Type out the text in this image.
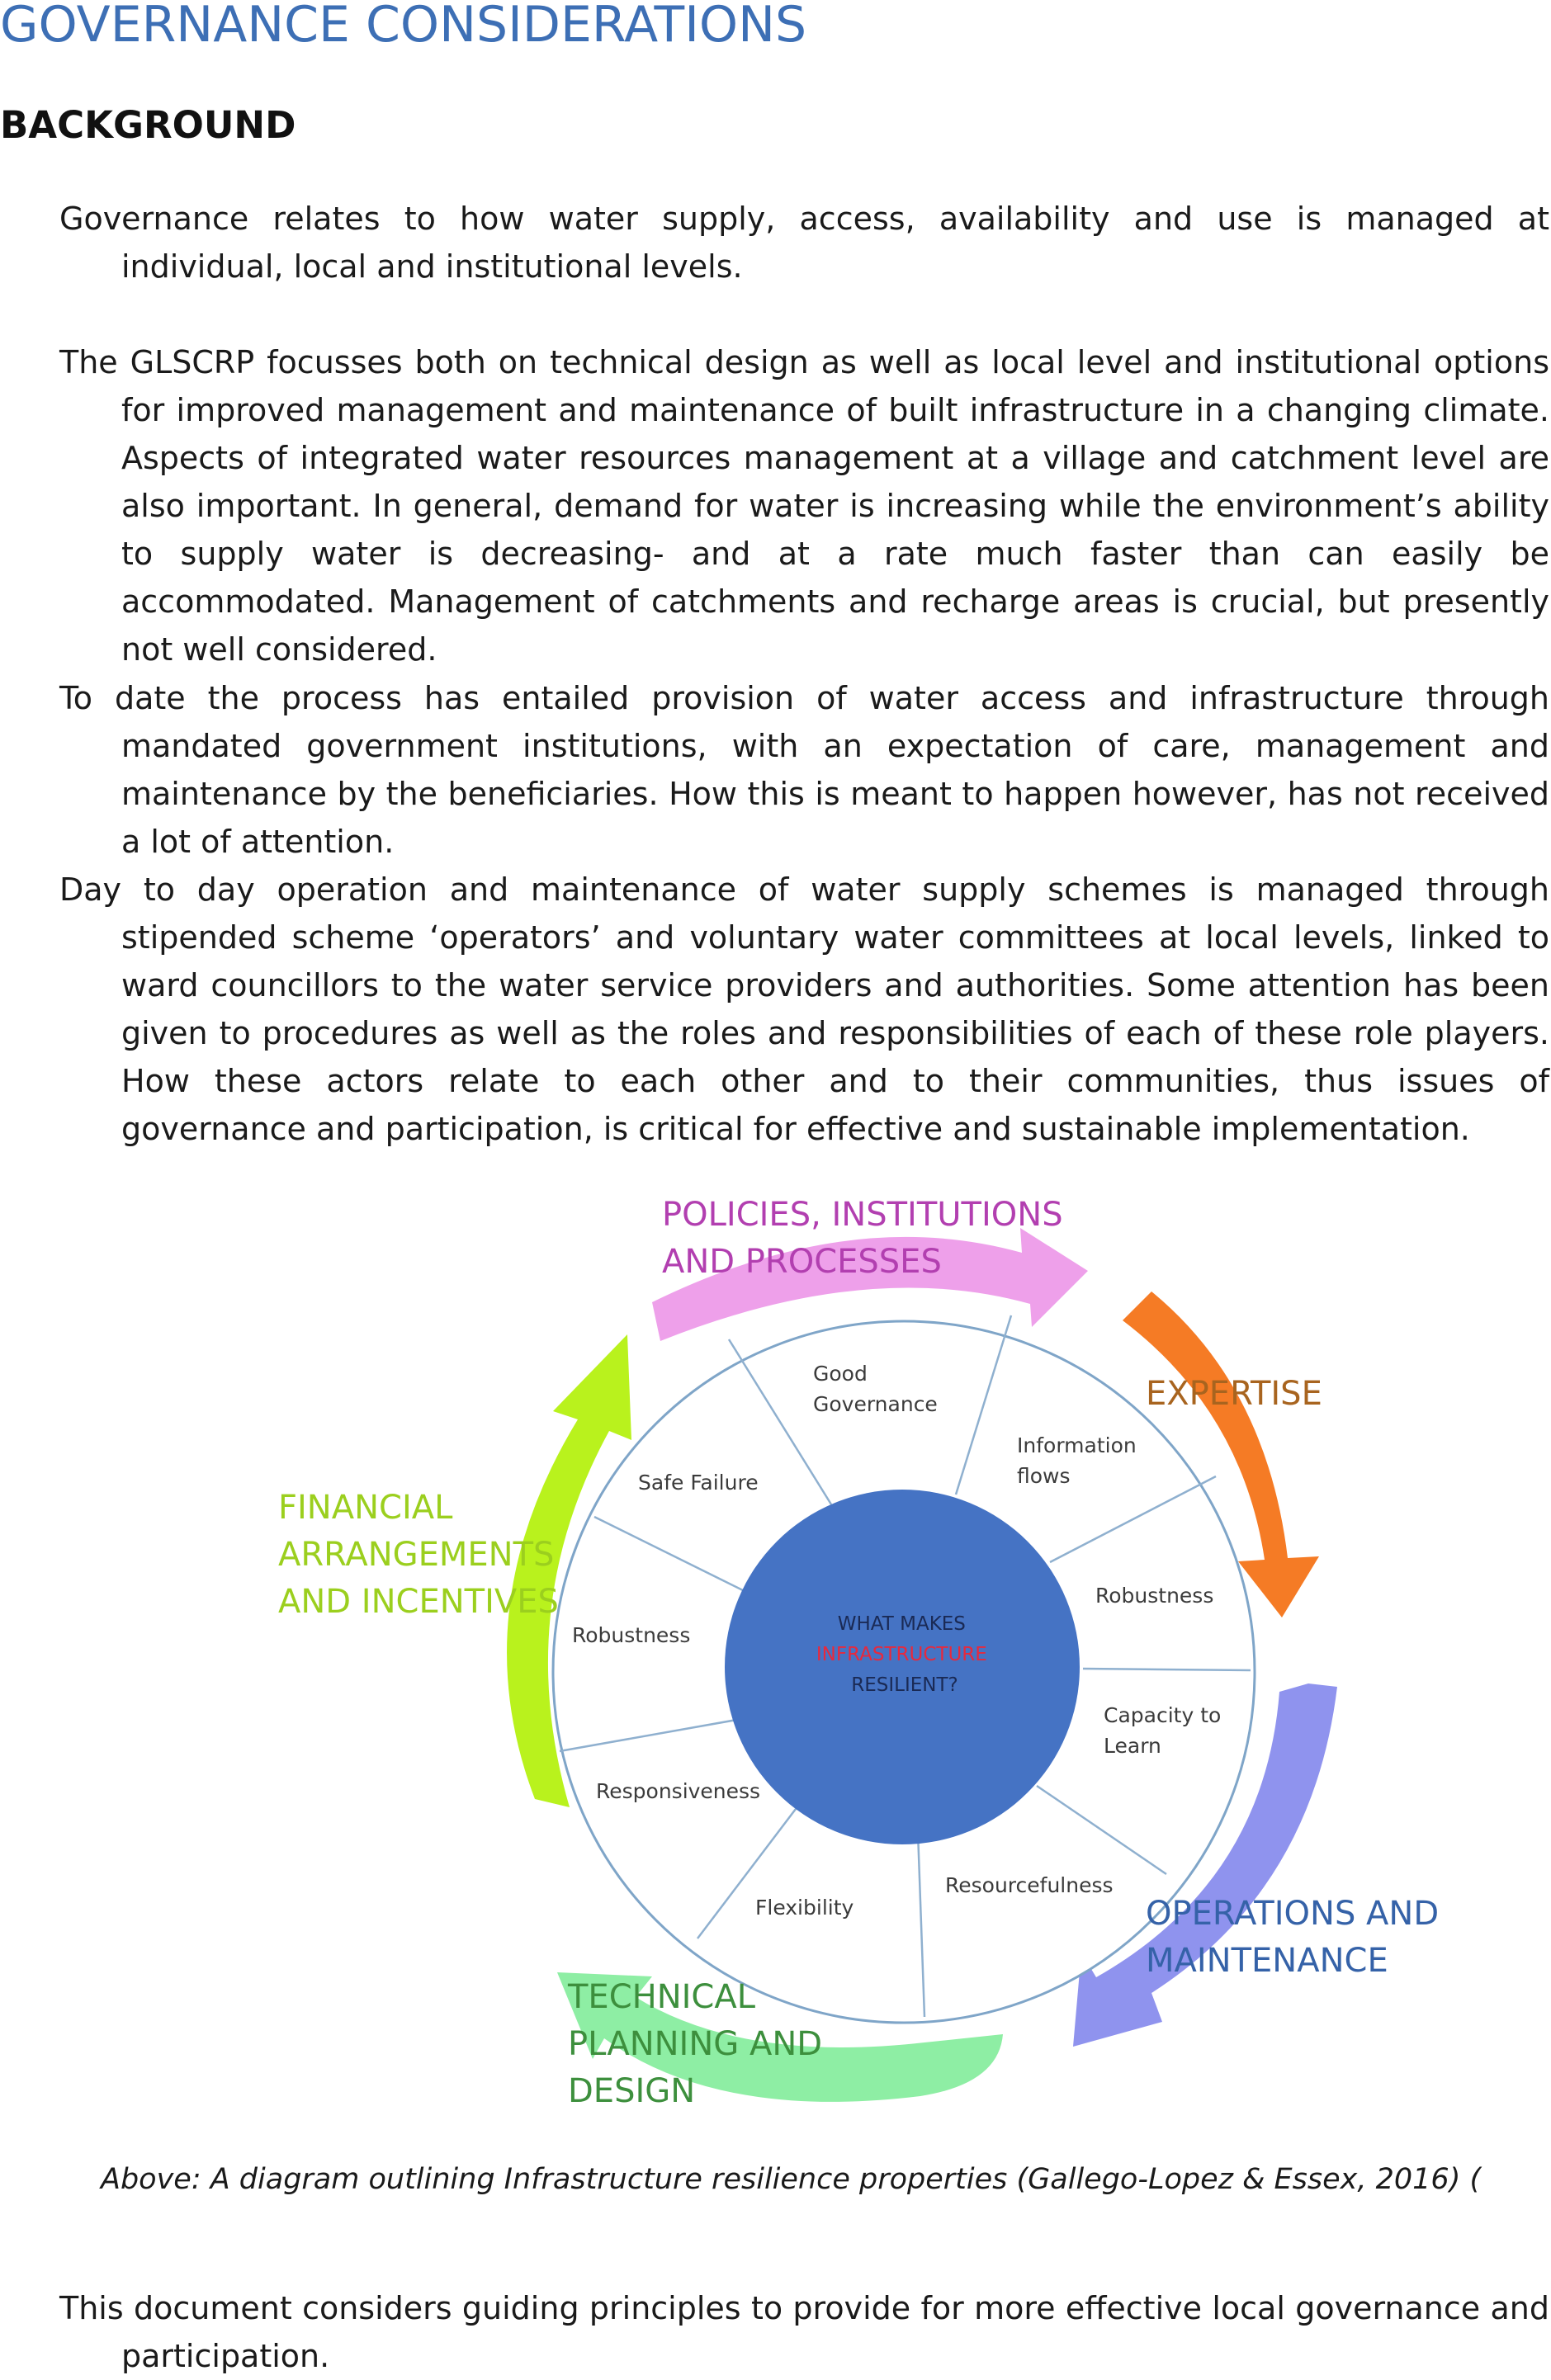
GOVERNANCE CONSIDERATIONS
BACKGROUND
Governance relates to how water supply, access, availability and use is managed at individual, local and institutional levels.
The GLSCRP focusses both on technical design as well as local level and institutional options for improved management and maintenance of built infrastructure in a changing climate. Aspects of integrated water resources management at a village and catchment level are also important. In general, demand for water is increasing while the environment’s ability to supply water is decreasing- and at a rate much faster than can easily be accommodated. Management of catchments and recharge areas is crucial, but presently not well considered.
To date the process has entailed provision of water access and infrastructure through mandated government institutions, with an expectation of care, management and maintenance by the beneficiaries. How this is meant to happen however, has not received a lot of attention.
Day to day operation and maintenance of water supply schemes is managed through stipended scheme ‘operators’ and voluntary water committees at local levels, linked to ward councillors to the water service providers and authorities. Some attention has been given to procedures as well as the roles and responsibilities of each of these role players. How these actors relate to each other and to their communities, thus issues of governance and participation, is critical for effective and sustainable implementation.
WHAT MAKES INFRASTRUCTURE RESILIENT?
Good Governance
Information flows
Robustness
Capacity to Learn
Resourcefulness
Flexibility
Responsiveness
Robustness
Safe Failure
POLICIES, INSTITUTIONS AND PROCESSES
EXPERTISE
OPERATIONS AND MAINTENANCE
TECHNICAL PLANNING AND DESIGN
FINANCIAL ARRANGEMENTS AND INCENTIVES
Above: A diagram outlining Infrastructure resilience properties (Gallego-Lopez & Essex, 2016) (
This document considers guiding principles to provide for more effective local governance and participation.
